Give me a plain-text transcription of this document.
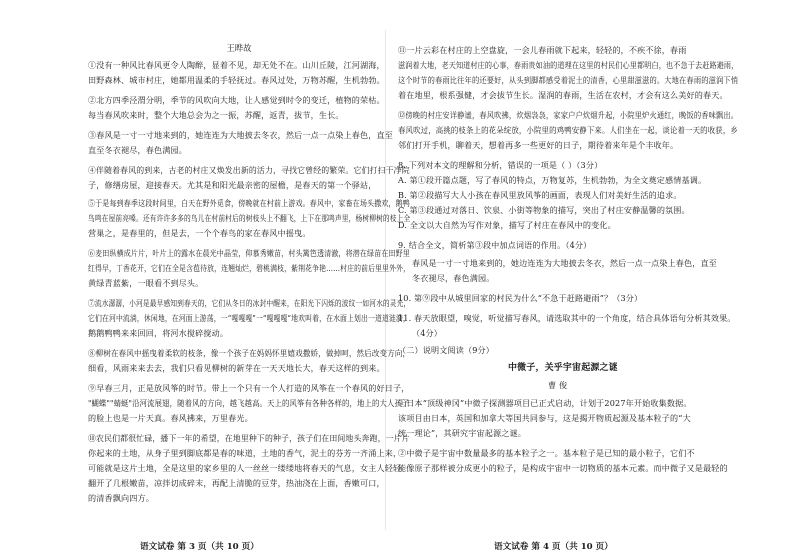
王晔故
①没有一种风比春风更令人陶醉，显着不见，却无处不在。山川丘陵，江河湖海，
田野森林、城市村庄，她都用温柔的手轻抚过。春风过处，万物苏醒，生机勃勃。
②北方四季泾渭分明，季节的风吹向大地，让人感觉到时令的变迁，植物的荣枯。
每当春风吹来时，整个大地总会为之一振，苏醒，返青，拔节，生长。
③春风是一寸一寸地来到的，她连连为大地披去冬衣，然后一点一点染上春色，直至
直至冬衣褪尽，春色满园。
④伴随着春风的到来，古老的村庄又焕发出新的活力，寻找它曾经的繁荣。它们打扫干净院
子，修缮房屋，迎接春天。尤其是和阳光最亲密的屋檐，是春天的第一个驿站，
⑤于是每到春季这段时间里，白天在野外觅食，傍晚就在村前上游戏。春风中，家畜在场头撒欢，鹅鸭
鸟鸣在屋前亮嗓。还有许许多多的鸟儿在村前村后的树枝头上不翻飞，上下在那鸣声里，杨树柳树的枝上全
营巢之，是春里的，但是去，一个个春鸟的家在春风中摇曳。
⑥麦田纵横成片片，叶片上的露水在晨光中晶莹，仰慕秀嫩苗，村头篱笆透清澈，将潜在绿苗在田野里
红得早，丁香花开，它们在全是含苞待放，连翘灿烂，碧桃满枝，紫荆花争艳……村庄的前后里里外外，
黄绿青蓝紫，一眼看不到尽头。
⑦流水潺潺，小河是最早感知到春天的，它们从冬日的冰封中醒来，在阳光下闪烁的波纹一如河水的灵光，
它们在河中流淌，休闲地，在河面上游荡，一“嘎嘎嘎”一“嘎嘎嘎”地欢叫着，在水面上划出一道道涟漪，
鹅鹅鸭鸭来来回回，将河水搅碎搅动。
⑧柳树在春风中摇曳着柔软的枝条，像一个孩子在妈妈怀里嬉戏撒娇，做掉呵，然后改变方向，
细看，风雨来来去去，我们只看见柳树的新芽在一天天地长大，春天这样的到来。
⑨早春三月，正是放风筝的时节。带上一个只有一个人打造的风筝在一个春风的好日子，
"蝴蝶""蜻蜓"沿河流展翅，随着风的方向，越飞越高。天上的风筝有各种各样的，地上的大人孩子
的脸上也是一片天真。春风拂来，万里春光。
⑩农民们都很忙碌，播下一年的希望，在地里种下的种子，孩子们在田间地头奔跑，一片片
你起来的土地，从身子里到脚底都是春的味道，土地的香气，泥土的芬芳一齐涌上来，
可能就是这片土地，全是这里的家乡里的人一丝丝一缕缕地将春天的气息，女主人轻轻
翻开了几根嫩苗，凉拌切成碎末，再配上清脆的豆芽，热油浇在上面，香嫩可口，
的清香飘向四方。
语文试卷 第 3 页（共 10 页）
⑪一片云彩在村庄的上空盘旋，一会儿春雨就下起来，轻轻的，不疾不徐，春雨
滋润着大地，老天知道村庄的心事，春雨贵如油的道理在这里的村民们心里都明白，也不急于去赶路避雨，
这个时节的春雨比往年的还要好，从头到脚都感受着泥土的清香，心里甜滋滋的。大地在春雨的滋润下悄
着在地里，根系强健，才会拔节生长。湿润的春雨，生活在农村，才会有这么美好的春天。
⑫傍晚的村庄安详静谧，春风吹拂，炊烟袅袅，家家户户炊烟升起，小院里炉火通红，晚饭的香味飘出。
春风吹过，高挑的枝条上的花朵绽放，小院里的鸡鸭安静下来。人们坐在一起，谈论着一天的收获，乡
邻们打开手机，聊着天，想着再多一些更好的日子，期待着来年是个丰收年。
8. 下列对本文的理解和分析，错误的一项是（ ）（3分）
A. 第①段开篇点题，写了春风的特点，万物复苏，生机勃勃，为全文奠定感情基调。
B. 第②段描写大人小孩在春风里放风筝的画面，表现人们对美好生活的追求。
C. 第③段通过对落日、饮泉、小街等物象的描写，突出了村庄安静温馨的氛围。
D. 全文以大自然为写作对象，描写了村庄在春风中的变化。
9. 结合全文，简析第③段中加点词语的作用。（4分）
春风是一寸一寸地来到的，她边连连为大地披去冬衣，然后一点一点染上春色，直至
冬衣褪尽，春色满园。
10. 第⑨段中从城里回家的村民为什么“不急于赶路避雨”？（3分）
11. 春天放眼望，嗅觉，听觉描写春风，请选取其中的一个角度，结合具体语句分析其效果。
（4分）
（二）说明文阅读（9分）
中微子，关乎宇宙起源之谜
曹 俊
①日本“顶级神冈”中微子探测器项目已正式启动，计划于2027年开始收集数据。
该项目由日本，英国和加拿大等国共同参与，这是揭开物质起源及基本粒子的“大
统一理论”，其研究宇宙起源之谜。
②中微子是宇宙中数量最多的基本粒子之一。基本粒子是已知的最小粒子，它们不
能像原子那样被分成更小的粒子，是构成宇宙中一切物质的基本元素。而中微子又是最轻的
语文试卷 第 4 页（共 10 页）
